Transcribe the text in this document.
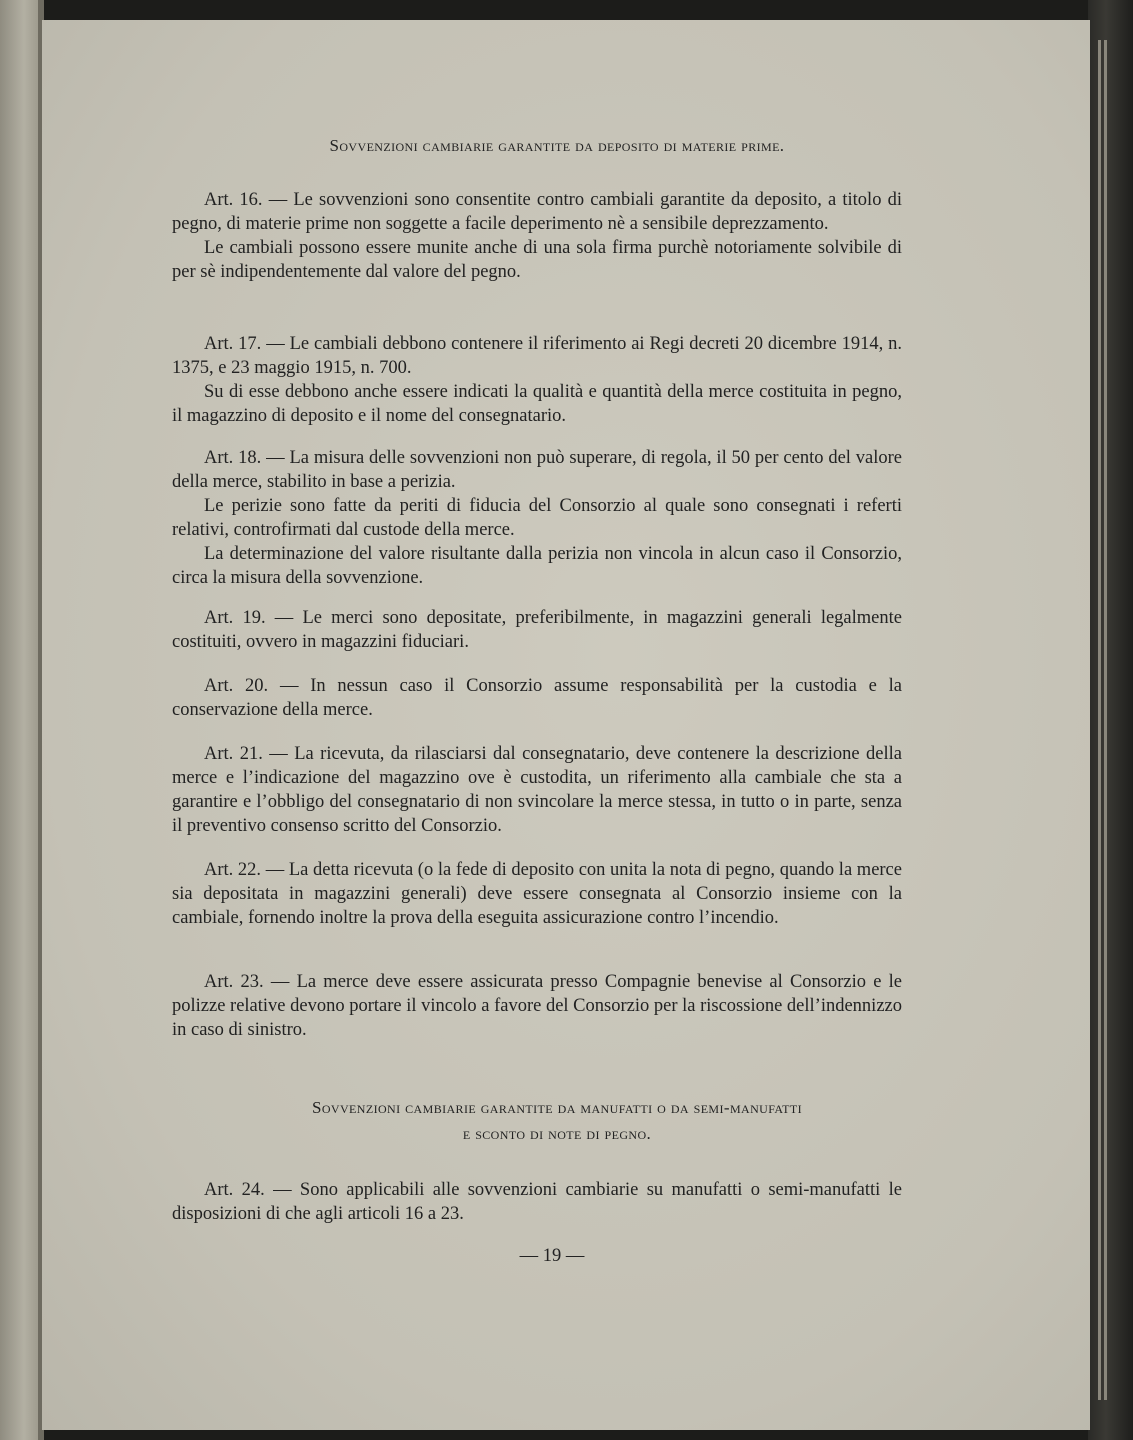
Sovvenzioni cambiarie garantite da deposito di materie prime.

Art. 16. — Le sovvenzioni sono consentite contro cambiali garantite da deposito, a titolo di pegno, di materie prime non soggette a facile deperimento nè a sensibile deprezzamento.

Le cambiali possono essere munite anche di una sola firma purchè notoriamente solvibile di per sè indipendentemente dal valore del pegno.

Art. 17. — Le cambiali debbono contenere il riferimento ai Regi decreti 20 dicembre 1914, n. 1375, e 23 maggio 1915, n. 700.

Su di esse debbono anche essere indicati la qualità e quantità della merce costituita in pegno, il magazzino di deposito e il nome del consegnatario.

Art. 18. — La misura delle sovvenzioni non può superare, di regola, il 50 per cento del valore della merce, stabilito in base a perizia.

Le perizie sono fatte da periti di fiducia del Consorzio al quale sono consegnati i referti relativi, controfirmati dal custode della merce.

La determinazione del valore risultante dalla perizia non vincola in alcun caso il Consorzio, circa la misura della sovvenzione.

Art. 19. — Le merci sono depositate, preferibilmente, in magazzini generali legalmente costituiti, ovvero in magazzini fiduciari.

Art. 20. — In nessun caso il Consorzio assume responsabilità per la custodia e la conservazione della merce.

Art. 21. — La ricevuta, da rilasciarsi dal consegnatario, deve contenere la descrizione della merce e l’indicazione del magazzino ove è custodita, un riferimento alla cambiale che sta a garantire e l’obbligo del consegnatario di non svincolare la merce stessa, in tutto o in parte, senza il preventivo consenso scritto del Consorzio.

Art. 22. — La detta ricevuta (o la fede di deposito con unita la nota di pegno, quando la merce sia depositata in magazzini generali) deve essere consegnata al Consorzio insieme con la cambiale, fornendo inoltre la prova della eseguita assicurazione contro l’incendio.

Art. 23. — La merce deve essere assicurata presso Compagnie benevise al Consorzio e le polizze relative devono portare il vincolo a favore del Consorzio per la riscossione dell’indennizzo in caso di sinistro.

Sovvenzioni cambiarie garantite da manufatti o da semi-manufatti
e sconto di note di pegno.

Art. 24. — Sono applicabili alle sovvenzioni cambiarie su manufatti o semi-manufatti le disposizioni di che agli articoli 16 a 23.

— 19 —
